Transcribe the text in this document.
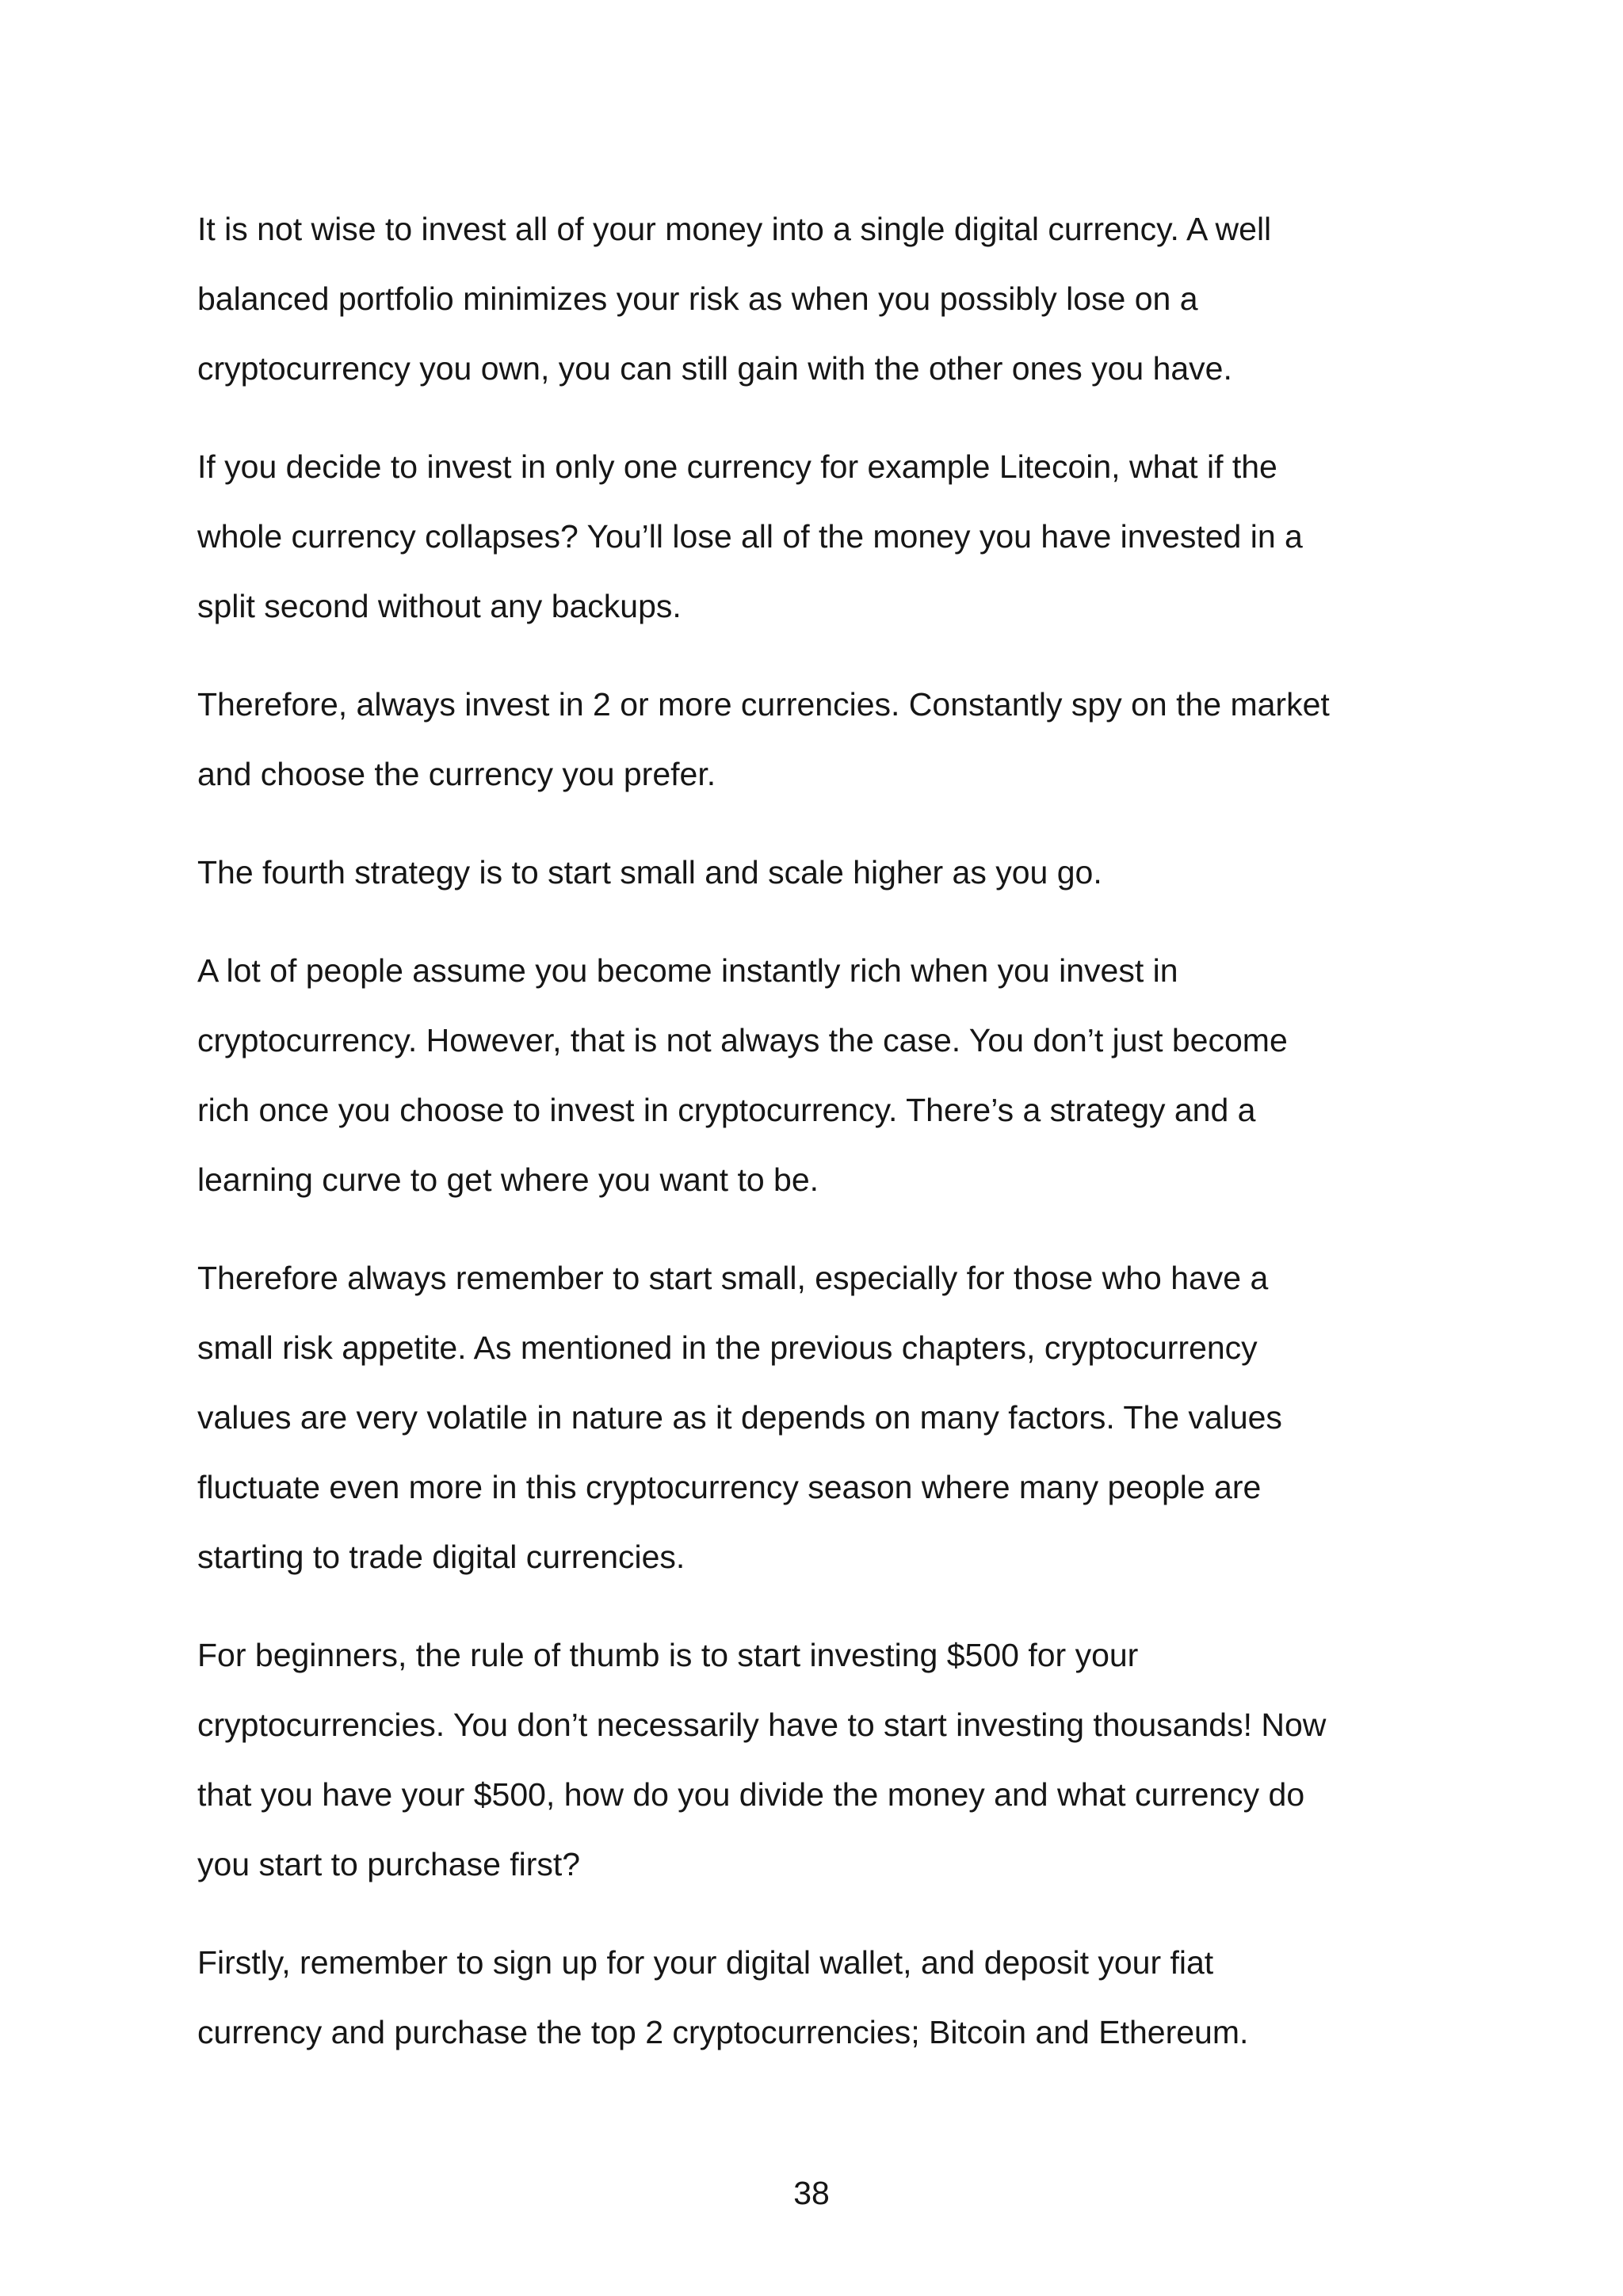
It is not wise to invest all of your money into a single digital currency. A well
balanced portfolio minimizes your risk as when you possibly lose on a
cryptocurrency you own, you can still gain with the other ones you have.

If you decide to invest in only one currency for example Litecoin, what if the
whole currency collapses? You’ll lose all of the money you have invested in a
split second without any backups.

Therefore, always invest in 2 or more currencies. Constantly spy on the market
and choose the currency you prefer.

The fourth strategy is to start small and scale higher as you go.

A lot of people assume you become instantly rich when you invest in
cryptocurrency. However, that is not always the case. You don’t just become
rich once you choose to invest in cryptocurrency. There’s a strategy and a
learning curve to get where you want to be.

Therefore always remember to start small, especially for those who have a
small risk appetite. As mentioned in the previous chapters, cryptocurrency
values are very volatile in nature as it depends on many factors. The values
fluctuate even more in this cryptocurrency season where many people are
starting to trade digital currencies.

For beginners, the rule of thumb is to start investing $500 for your
cryptocurrencies. You don’t necessarily have to start investing thousands! Now
that you have your $500, how do you divide the money and what currency do
you start to purchase first?

Firstly, remember to sign up for your digital wallet, and deposit your fiat
currency and purchase the top 2 cryptocurrencies; Bitcoin and Ethereum.

38
